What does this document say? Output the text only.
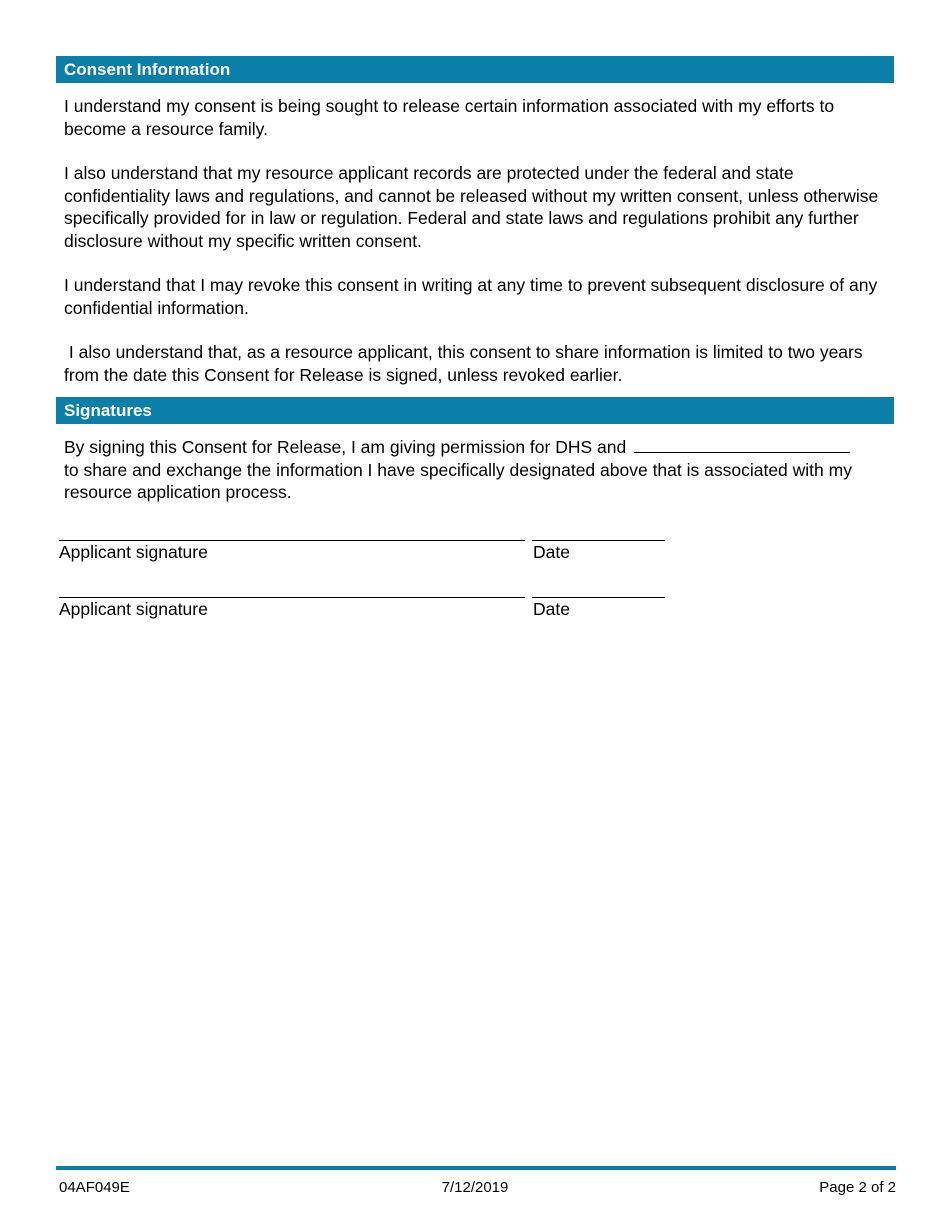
Consent Information

I understand my consent is being sought to release certain information associated with my efforts to become a resource family.

I also understand that my resource applicant records are protected under the federal and state confidentiality laws and regulations, and cannot be released without my written consent, unless otherwise specifically provided for in law or regulation. Federal and state laws and regulations prohibit any further disclosure without my specific written consent.

I understand that I may revoke this consent in writing at any time to prevent subsequent disclosure of any confidential information.

I also understand that, as a resource applicant, this consent to share information is limited to two years from the date this Consent for Release is signed, unless revoked earlier.

Signatures

By signing this Consent for Release, I am giving permission for DHS and
to share and exchange the information I have specifically designated above that is associated with my resource application process.

Applicant signature	Date
Applicant signature	Date
04AF049E	7/12/2019	Page 2 of 2
